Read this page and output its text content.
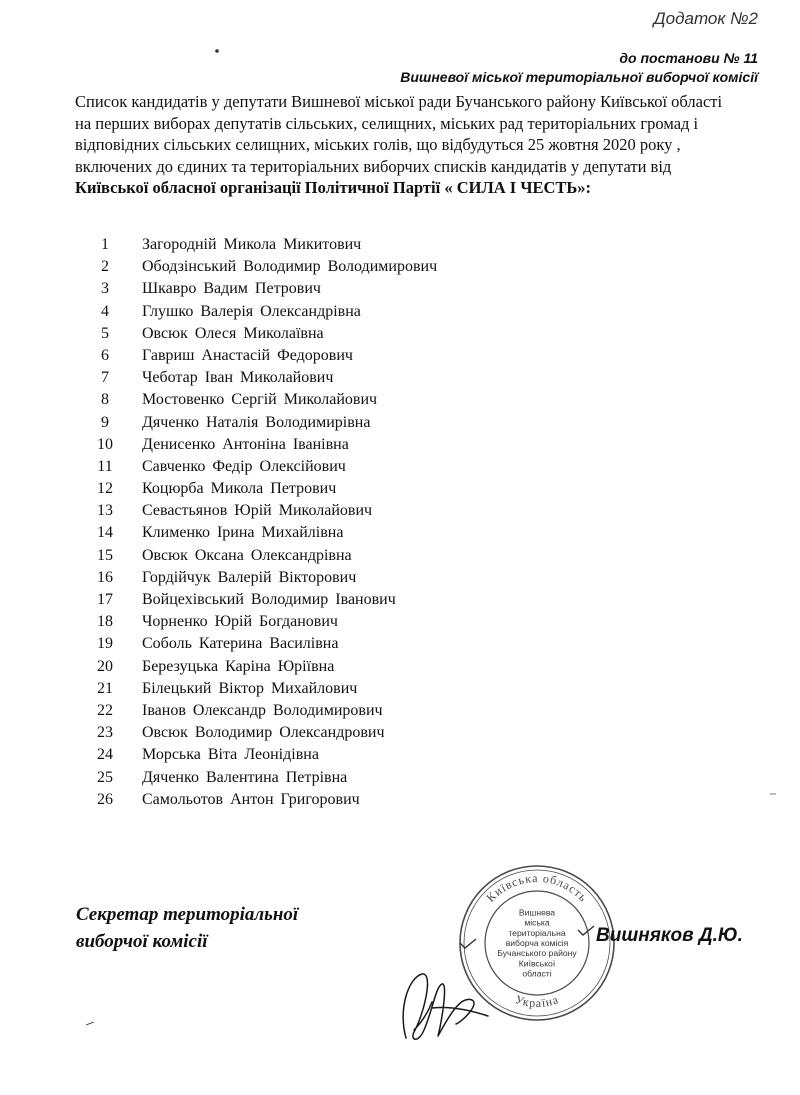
Додаток №2
до постанови № 11
Вишневої міської територіальної виборчої комісії
Список кандидатів у депутати Вишневої міської ради Бучанського району Київської області
на перших виборах депутатів сільських, селищних, міських рад територіальних громад і
відповідних сільських селищних, міських голів, що відбудуться 25 жовтня 2020 року ,
включених до єдиних та територіальних виборчих списків кандидатів у депутати від
Київської обласної організації Політичної Партії « СИЛА І ЧЕСТЬ»:
1	Загородній Микола Микитович
2	Ободзінський Володимир Володимирович
3	Шкавро Вадим Петрович
4	Глушко Валерія Олександрівна
5	Овсюк Олеся Миколаївна
6	Гавриш Анастасій Федорович
7	Чеботар Іван Миколайович
8	Мостовенко Сергій Миколайович
9	Дяченко Наталія Володимирівна
10	Денисенко Антоніна Іванівна
11	Савченко Федір Олексійович
12	Коцюрба Микола Петрович
13	Севастьянов Юрій Миколайович
14	Клименко Ірина Михайлівна
15	Овсюк Оксана Олександрівна
16	Гордійчук Валерій Вікторович
17	Войцехівський Володимир Іванович
18	Чорненко Юрій Богданович
19	Соболь Катерина Василівна
20	Березуцька Каріна Юріївна
21	Білецький Віктор Михайлович
22	Іванов Олександр Володимирович
23	Овсюк Володимир Олександрович
24	Морська Віта Леонідівна
25	Дяченко Валентина Петрівна
26	Самольотов Антон Григорович
Секретар територіальної
виборчої комісії
Київська область
Україна
Вишнева
міська
територіальна
виборча комісія
Бучанського району
Київської
області
Вишняков Д.Ю.
